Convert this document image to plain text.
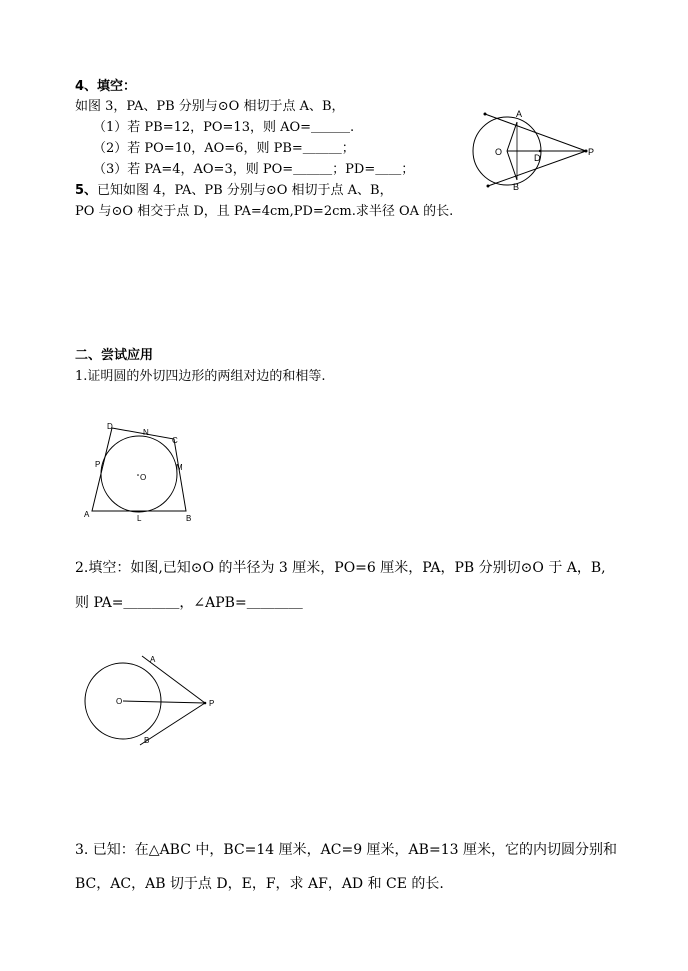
4、填空：
如图 3，PA、PB 分别与⊙O 相切于点 A、B，
（1）若 PB=12，PO=13，则 AO=＿＿＿.
（2）若 PO=10，AO=6，则 PB=＿＿＿；
（3）若 PA=4，AO=3，则 PO=＿＿＿；PD=＿＿；
5、已知如图 4，PA、PB 分别与⊙O 相切于点 A、B，
PO 与⊙O 相交于点 D，且 PA=4cm,PD=2cm.求半径 OA 的长.
A
B
O
D
P
二、尝试应用
1.证明圆的外切四边形的两组对边的和相等.
D
N
C
P	M
O
A	L	B
2.填空：如图,已知⊙O 的半径为 3 厘米，PO=6 厘米，PA，PB 分别切⊙O 于 A，B,
则 PA=＿＿＿＿，∠APB=＿＿＿＿
A
O	P
B
3. 已知：在△ABC 中，BC=14 厘米，AC=9 厘米，AB=13 厘米，它的内切圆分别和
BC，AC，AB 切于点 D，E，F，求 AF，AD 和 CE 的长.
